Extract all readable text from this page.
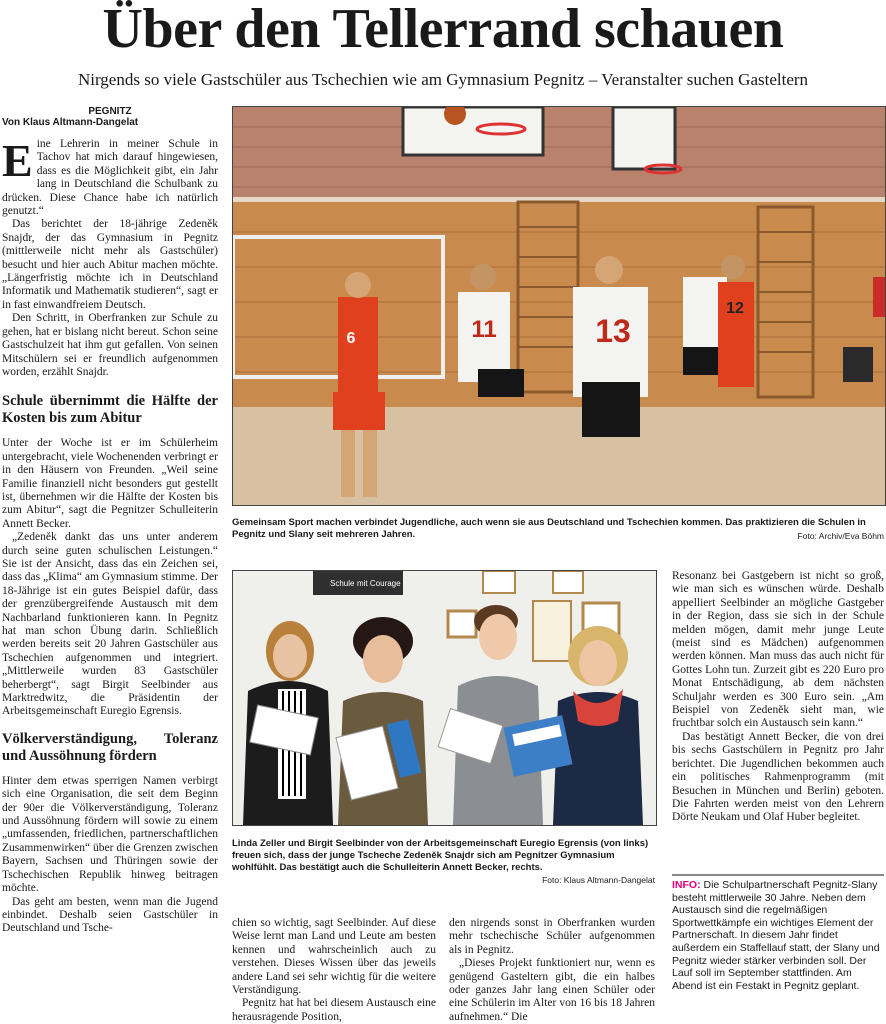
Über den Tellerrand schauen
Nirgends so viele Gastschüler aus Tschechien wie am Gymnasium Pegnitz – Veranstalter suchen Gasteltern
PEGNITZ
Von Klaus Altmann-Dangelat

Eine Lehrerin in meiner Schule in Tachov hat mich darauf hingewiesen, dass es die Möglichkeit gibt, ein Jahr lang in Deutschland die Schulbank zu drücken. Diese Chance habe ich natürlich genutzt.“

Das berichtet der 18-jährige Zedeněk Snajdr, der das Gymnasium in Pegnitz (mittlerweile nicht mehr als Gastschüler) besucht und hier auch Abitur machen möchte. „Längerfristig möchte ich in Deutschland Informatik und Mathematik studieren“, sagt er in fast einwandfreiem Deutsch.

Den Schritt, in Oberfranken zur Schule zu gehen, hat er bislang nicht bereut. Schon seine Gastschulzeit hat ihm gut gefallen. Von seinen Mitschülern sei er freundlich aufgenommen worden, erzählt Snajdr.

Schule übernimmt die Hälfte der Kosten bis zum Abitur

Unter der Woche ist er im Schülerheim untergebracht, viele Wochenenden verbringt er in den Häusern von Freunden. „Weil seine Familie finanziell nicht besonders gut gestellt ist, übernehmen wir die Hälfte der Kosten bis zum Abitur“, sagt die Pegnitzer Schulleiterin Annett Becker.

„Zedeněk dankt das uns unter anderem durch seine guten schulischen Leistungen.“ Sie ist der Ansicht, dass das ein Zeichen sei, dass das „Klima“ am Gymnasium stimme. Der 18-Jährige ist ein gutes Beispiel dafür, dass der grenzübergreifende Austausch mit dem Nachbarland funktionieren kann. In Pegnitz hat man schon Übung darin. Schließlich werden bereits seit 20 Jahren Gastschüler aus Tschechien aufgenommen und integriert. „Mittlerweile wurden 83 Gastschüler beherbergt“, sagt Birgit Seelbinder aus Marktredwitz, die Präsidentin der Arbeitsgemeinschaft Euregio Egrensis.

Völkerverständigung, Toleranz und Aussöhnung fördern

Hinter dem etwas sperrigen Namen verbirgt sich eine Organisation, die seit dem Beginn der 90er die Völkerverständigung, Toleranz und Aussöhnung fördern will sowie zu einem „umfassenden, friedlichen, partnerschaftlichen Zusammenwirken“ über die Grenzen zwischen Bayern, Sachsen und Thüringen sowie der Tschechischen Republik hinweg beitragen möchte.

Das geht am besten, wenn man die Jugend einbindet. Deshalb seien Gastschüler in Deutschland und Tsche-

11	13
12
6
Gemeinsam Sport machen verbindet Jugendliche, auch wenn sie aus Deutschland und Tschechien kommen. Das praktizieren die Schulen in Pegnitz und Slany seit mehreren Jahren.	Foto: Archiv/Eva Böhm
Schule mit Courage
Linda Zeller und Birgit Seelbinder von der Arbeitsgemeinschaft Euregio Egrensis (von links) freuen sich, dass der junge Tscheche Zedeněk Snajdr sich am Pegnitzer Gymnasium wohlfühlt. Das bestätigt auch die Schulleiterin Annett Becker, rechts.
Foto: Klaus Altmann-Dangelat

chien so wichtig, sagt Seelbinder. Auf diese Weise lernt man Land und Leute am besten kennen und wahrscheinlich auch zu verstehen. Dieses Wissen über das jeweils andere Land sei sehr wichtig für die weitere Verständigung.

Pegnitz hat hat bei diesem Austausch eine herausragende Position,

den nirgends sonst in Oberfranken wurden mehr tschechische Schüler aufgenommen als in Pegnitz.

„Dieses Projekt funktioniert nur, wenn es genügend Gasteltern gibt, die ein halbes oder ganzes Jahr lang einen Schüler oder eine Schülerin im Alter von 16 bis 18 Jahren aufnehmen.“ Die

Resonanz bei Gastgebern ist nicht so groß, wie man sich es wünschen würde. Deshalb appelliert Seelbinder an mögliche Gastgeber in der Region, dass sie sich in der Schule melden mögen, damit mehr junge Leute (meist sind es Mädchen) aufgenommen werden können. Man muss das auch nicht für Gottes Lohn tun. Zurzeit gibt es 220 Euro pro Monat Entschädigung, ab dem nächsten Schuljahr werden es 300 Euro sein. „Am Beispiel von Zedeněk sieht man, wie fruchtbar solch ein Austausch sein kann.“

Das bestätigt Annett Becker, die von drei bis sechs Gastschülern in Pegnitz pro Jahr berichtet. Die Jugendlichen bekommen auch ein politisches Rahmenprogramm (mit Besuchen in München und Berlin) geboten. Die Fahrten werden meist von den Lehrern Dörte Neukam und Olaf Huber begleitet.

INFO: Die Schulpartnerschaft Pegnitz-Slany besteht mittlerweile 30 Jahre. Neben dem Austausch sind die regelmäßigen Sportwettkämpfe ein wichtiges Element der Partnerschaft. In diesem Jahr findet außerdem ein Staffellauf statt, der Slany und Pegnitz wieder stärker verbinden soll. Der Lauf soll im September stattfinden. Am Abend ist ein Festakt in Pegnitz geplant.
